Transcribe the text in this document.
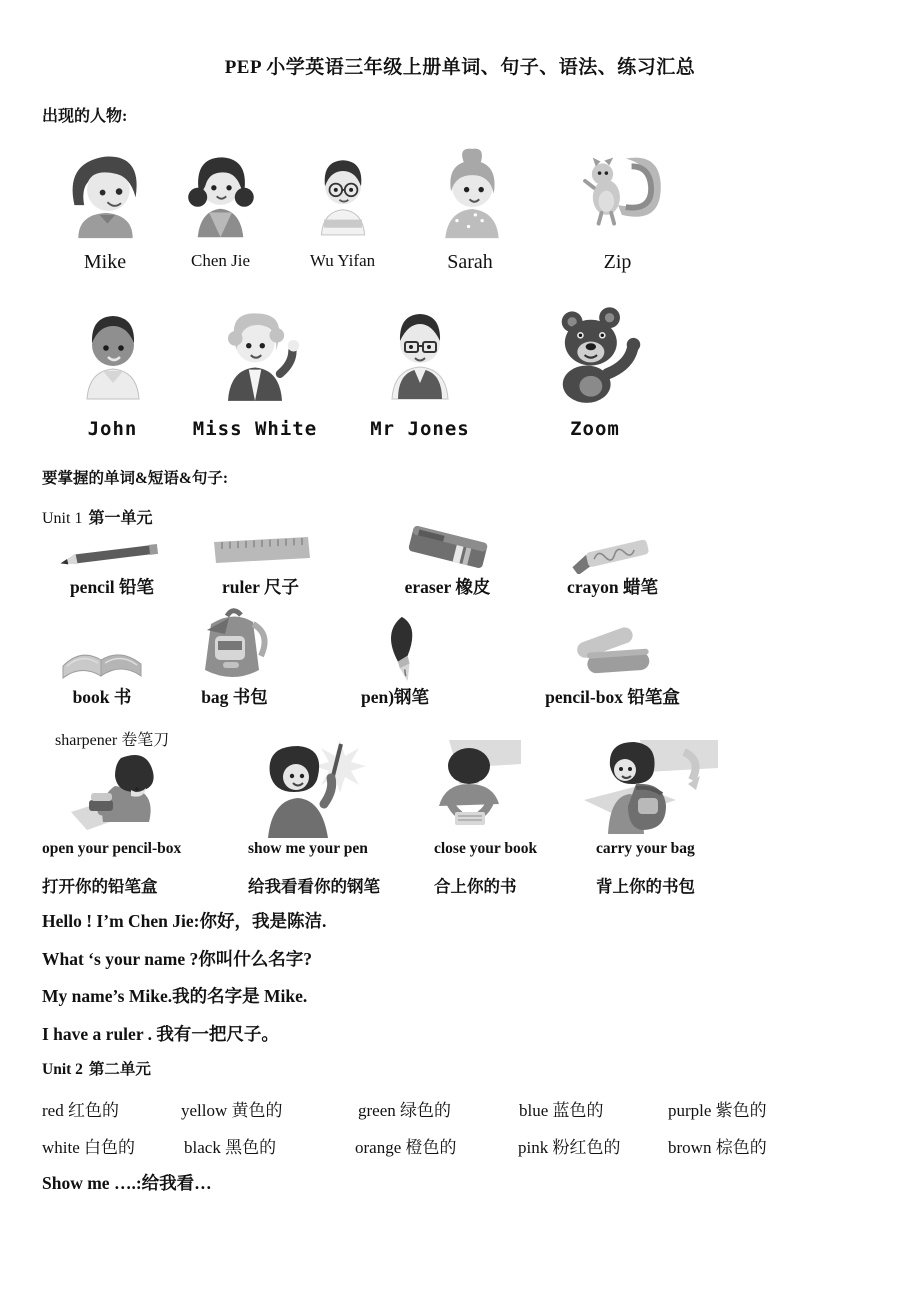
PEP 小学英语三年级上册单词、句子、语法、练习汇总
出现的人物:
Mike	Chen Jie	Wu Yifan	Sarah	Zip
John	Miss White	Mr Jones	Zoom
要掌握的单词&短语&句子:
Unit 1 第一单元
pencil 铅笔	ruler 尺子	eraser 橡皮	crayon 蜡笔
book 书	bag 书包	pen)钢笔	pencil-box 铅笔盒
sharpener 卷笔刀
open your pencil-box	show me your pen	close your book	carry your bag
打开你的铅笔盒	给我看看你的钢笔	合上你的书	背上你的书包
Hello ! I’m Chen Jie:你好，我是陈洁.
What ‘s your name ?你叫什么名字?
My name’s Mike.我的名字是 Mike.
I have a ruler . 我有一把尺子。
Unit 2 第二单元
red 红色的	yellow 黄色的	green 绿色的	blue 蓝色的	purple 紫色的
white 白色的	black 黑色的	orange 橙色的	pink 粉红色的	brown 棕色的
Show me ….:给我看…
